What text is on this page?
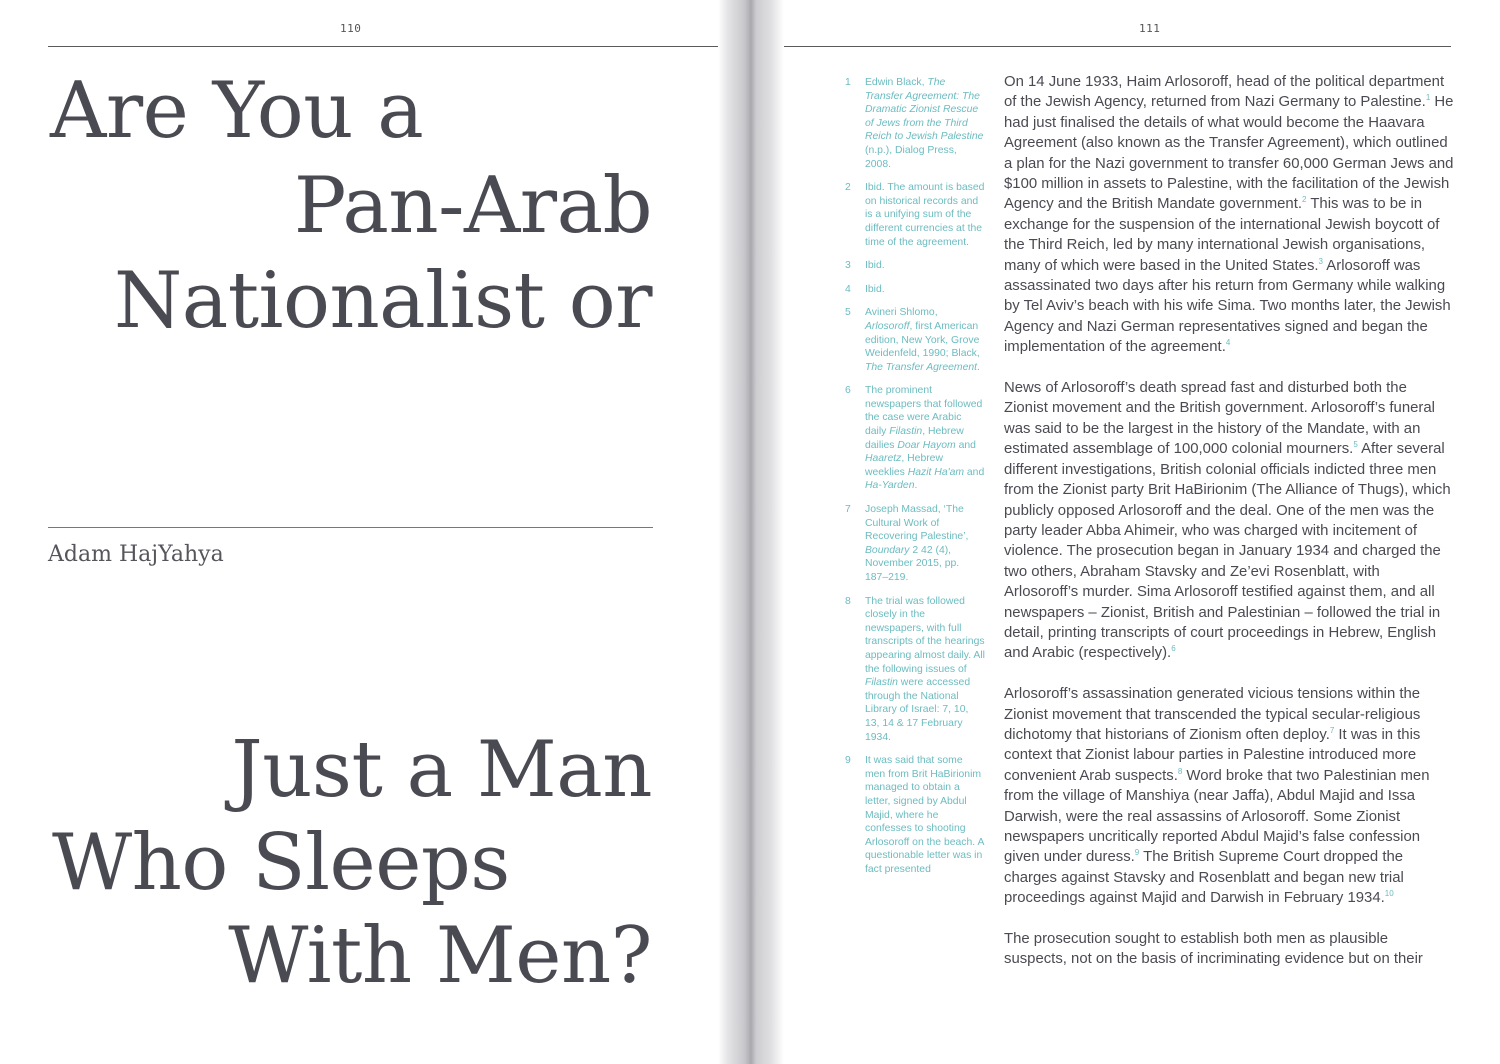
110
Are You a
Pan-Arab
Nationalist or
Adam HajYahya
Just a Man
Who Sleeps
With Men?
111
1	Edwin Black, The Transfer Agreement: The Dramatic Zionist Rescue of Jews from the Third Reich to Jewish Palestine (n.p.), Dialog Press, 2008.
2	Ibid. The amount is based on historical records and is a unifying sum of the different currencies at the time of the agreement.
3	Ibid.
4	Ibid.
5	Avineri Shlomo, Arlosoroff, first American edition, New York, Grove Weidenfeld, 1990; Black, The Transfer Agreement.
6	The prominent newspapers that followed the case were Arabic daily Filastin, Hebrew dailies Doar Hayom and Haaretz, Hebrew weeklies Hazit Ha'am and Ha-Yarden.
7	Joseph Massad, ‘The Cultural Work of Recovering Palestine’, Boundary 2 42 (4), November 2015, pp. 187–219.
8	The trial was followed closely in the newspapers, with full transcripts of the hearings appearing almost daily. All the following issues of Filastin were accessed through the National Library of Israel: 7, 10, 13, 14 & 17 February 1934.
9	It was said that some men from Brit HaBirionim managed to obtain a letter, signed by Abdul Majid, where he confesses to shooting Arlosoroff on the beach. A questionable letter was in fact presented

On 14 June 1933, Haim Arlosoroff, head of the political department of the Jewish Agency, returned from Nazi Germany to Palestine.$^1$ He had just finalised the details of what would become the Haavara Agreement (also known as the Transfer Agreement), which outlined a plan for the Nazi government to transfer 60,000 German Jews and $100 million in assets to Palestine, with the facilitation of the Jewish Agency and the British Mandate government.$^2$ This was to be in exchange for the suspension of the international Jewish boycott of the Third Reich, led by many international Jewish organisations, many of which were based in the United States.$^3$ Arlosoroff was assassinated two days after his return from Germany while walking by Tel Aviv’s beach with his wife Sima. Two months later, the Jewish Agency and Nazi German representatives signed and began the implementation of the agreement.$^4$

News of Arlosoroff’s death spread fast and disturbed both the Zionist movement and the British government. Arlosoroff’s funeral was said to be the largest in the history of the Mandate, with an estimated assemblage of 100,000 colonial mourners.$^5$ After several different investigations, British colonial officials indicted three men from the Zionist party Brit HaBirionim (The Alliance of Thugs), which publicly opposed Arlosoroff and the deal. One of the men was the party leader Abba Ahimeir, who was charged with incitement of violence. The prosecution began in January 1934 and charged the two others, Abraham Stavsky and Ze’evi Rosenblatt, with Arlosoroff’s murder. Sima Arlosoroff testified against them, and all newspapers – Zionist, British and Palestinian – followed the trial in detail, printing transcripts of court proceedings in Hebrew, English and Arabic (respectively).$^6$

Arlosoroff’s assassination generated vicious tensions within the Zionist movement that transcended the typical secular-religious dichotomy that historians of Zionism often deploy.$^7$ It was in this context that Zionist labour parties in Palestine introduced more convenient Arab suspects.$^8$ Word broke that two Palestinian men from the village of Manshiya (near Jaffa), Abdul Majid and Issa Darwish, were the real assassins of Arlosoroff. Some Zionist newspapers uncritically reported Abdul Majid’s false confession given under duress.$^9$ The British Supreme Court dropped the charges against Stavsky and Rosenblatt and began new trial proceedings against Majid and Darwish in February 1934.10

The prosecution sought to establish both men as plausible suspects, not on the basis of incriminating evidence but on their
